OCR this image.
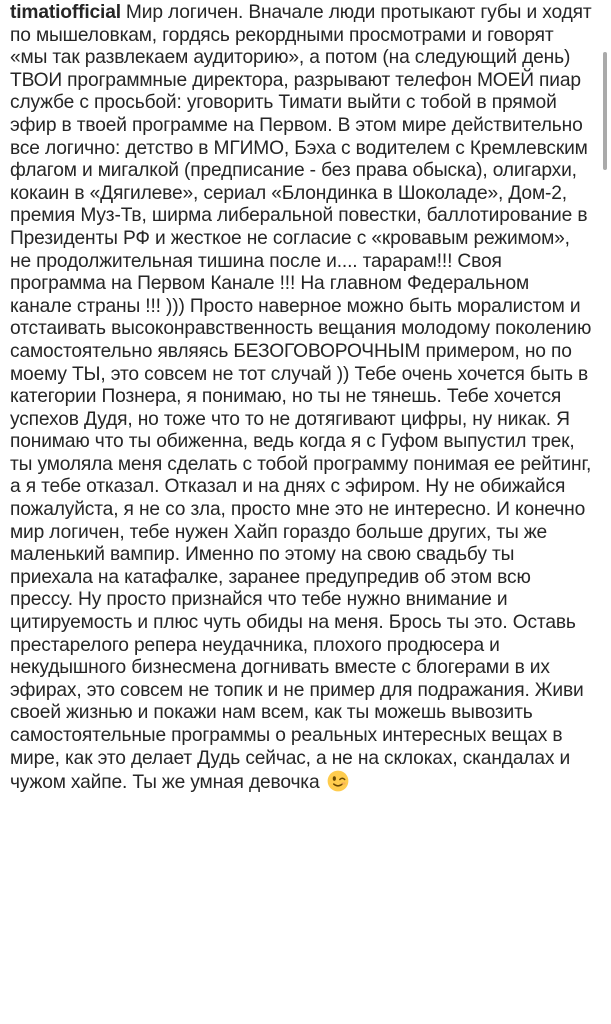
timatiofficial Мир логичен. Вначале люди протыкают губы и ходят по мышеловкам, гордясь рекордными просмотрами и говорят «мы так развлекаем аудиторию», а потом (на следующий день) ТВОИ программные директора, разрывают телефон МОЕЙ пиар службе с просьбой: уговорить Тимати выйти с тобой в прямой эфир в твоей программе на Первом. В этом мире действительно все логично: детство в МГИМО, Бэха с водителем с Кремлевским флагом и мигалкой (предписание - без права обыска), олигархи, кокаин в «Дягилеве», сериал «Блондинка в Шоколаде», Дом-2, премия Муз-Тв, ширма либеральной повестки, баллотирование в Президенты РФ и жесткое не согласие с «кровавым режимом», не продолжительная тишина после и.... тарарам!!! Своя программа на Первом Канале !!! На главном Федеральном канале страны !!! ))) Просто наверное можно быть моралистом и отстаивать высоконравственность вещания молодому поколению самостоятельно являясь БЕЗОГОВОРОЧНЫМ примером, но по моему ТЫ, это совсем не тот случай )) Тебе очень хочется быть в категории Познера, я понимаю, но ты не тянешь. Тебе хочется успехов Дудя, но тоже что то не дотягивают цифры, ну никак. Я понимаю что ты обиженна, ведь когда я с Гуфом выпустил трек, ты умоляла меня сделать с тобой программу понимая ее рейтинг, а я тебе отказал. Отказал и на днях с эфиром. Ну не обижайся пожалуйста, я не со зла, просто мне это не интересно. И конечно мир логичен, тебе нужен Хайп гораздо больше других, ты же маленький вампир. Именно по этому на свою свадьбу ты приехала на катафалке, заранее предупредив об этом всю прессу. Ну просто признайся что тебе нужно внимание и цитируемость и плюс чуть обиды на меня. Брось ты это. Оставь престарелого репера неудачника, плохого продюсера и некудышного бизнесмена догнивать вместе с блогерами в их эфирах, это совсем не топик и не пример для подражания. Живи своей жизнью и покажи нам всем, как ты можешь вывозить самостоятельные программы о реальных интересных вещах в мире, как это делает Дудь сейчас, а не на склоках, скандалах и чужом хайпе. Ты же умная девочка
